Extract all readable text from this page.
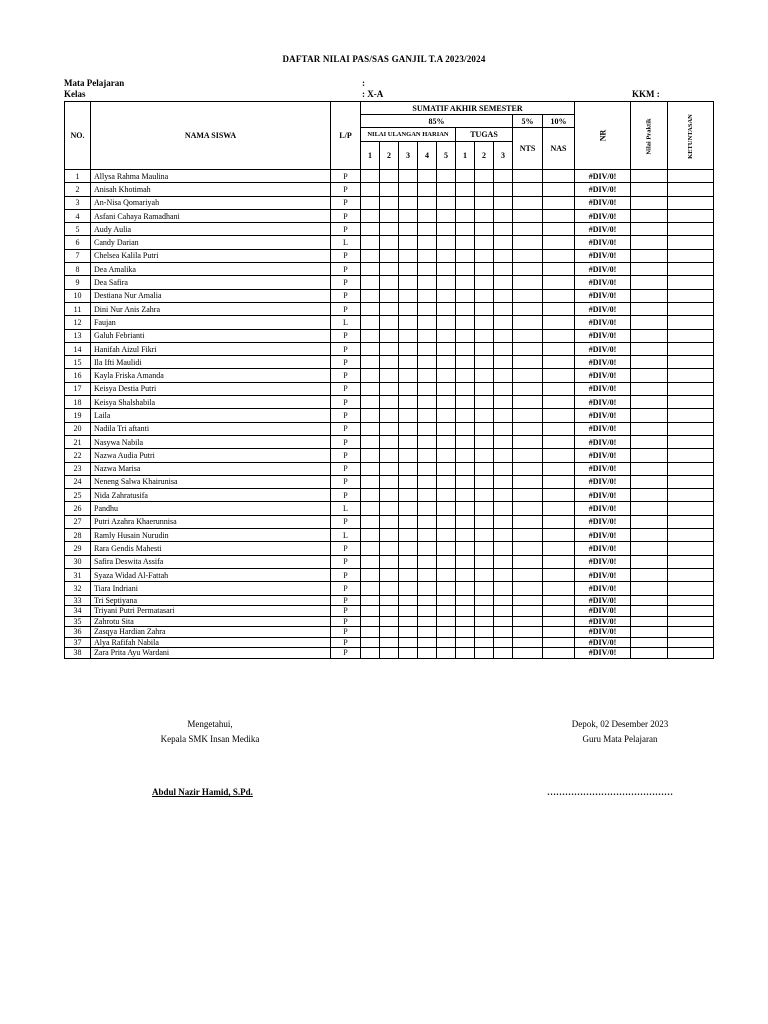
DAFTAR NILAI PAS/SAS GANJIL T.A 2023/2024
Mata Pelajaran	:
Kelas	: X-A	KKM :
NO.	NAMA SISWA	L/P	SUMATIF AKHIR SEMESTER										NR	Nilai Praktik	KETUNTASAN
			85%								5%	10%			
			NILAI ULANGAN HARIAN					TUGAS			NTS	NAS			
			1	2	3	4	5	1	2	3					
1	Allysa Rahma Maulina	P											#DIV/0!		
2	Anisah Khotimah	P											#DIV/0!		
3	An-Nisa Qomariyah	P											#DIV/0!		
4	Asfani Cahaya Ramadhani	P											#DIV/0!		
5	Audy Aulia	P											#DIV/0!		
6	Candy Darian	L											#DIV/0!		
7	Chelsea Kalila Putri	P											#DIV/0!		
8	Dea Amalika	P											#DIV/0!		
9	Dea Safira	P											#DIV/0!		
10	Destiana Nur Amalia	P											#DIV/0!		
11	Dini Nur Anis Zahra	P											#DIV/0!		
12	Faujan	L											#DIV/0!		
13	Galuh Febrianti	P											#DIV/0!		
14	Hanifah Aizul Fikri	P											#DIV/0!		
15	Ila Ifti Maulidi	P											#DIV/0!		
16	Kayla Friska Amanda	P											#DIV/0!		
17	Keisya Destia Putri	P											#DIV/0!		
18	Keisya Shalshabila	P											#DIV/0!		
19	Laila	P											#DIV/0!		
20	Nadila Tri aftanti	P											#DIV/0!		
21	Nasywa Nabila	P											#DIV/0!		
22	Nazwa Audia Putri	P											#DIV/0!		
23	Nazwa Marisa	P											#DIV/0!		
24	Neneng Salwa Khairunisa	P											#DIV/0!		
25	Nida Zahratusifa	P											#DIV/0!		
26	Pandhu	L											#DIV/0!		
27	Putri Azahra Khaerunnisa	P											#DIV/0!		
28	Ramly Husain Nurudin	L											#DIV/0!		
29	Rara Gendis Mahesti	P											#DIV/0!		
30	Safira Deswita Assifa	P											#DIV/0!		
31	Syaza Widad Al-Fattah	P											#DIV/0!		
32	Tiara Indriani	P											#DIV/0!		
33	Tri Septiyana	P											#DIV/0!		
34	Triyani Putri Permatasari	P											#DIV/0!		
35	Zahrotu Sita	P											#DIV/0!		
36	Zasqya Hardian Zahra	P											#DIV/0!		
37	Alya Rafifah Nabila	P											#DIV/0!		
38	Zara Prita Ayu Wardani	P											#DIV/0!		
Mengetahui,
Kepala SMK Insan Medika
Depok, 02 Desember 2023
Guru Mata Pelajaran
Abdul Nazir Hamid, S.Pd.	……………………………………
